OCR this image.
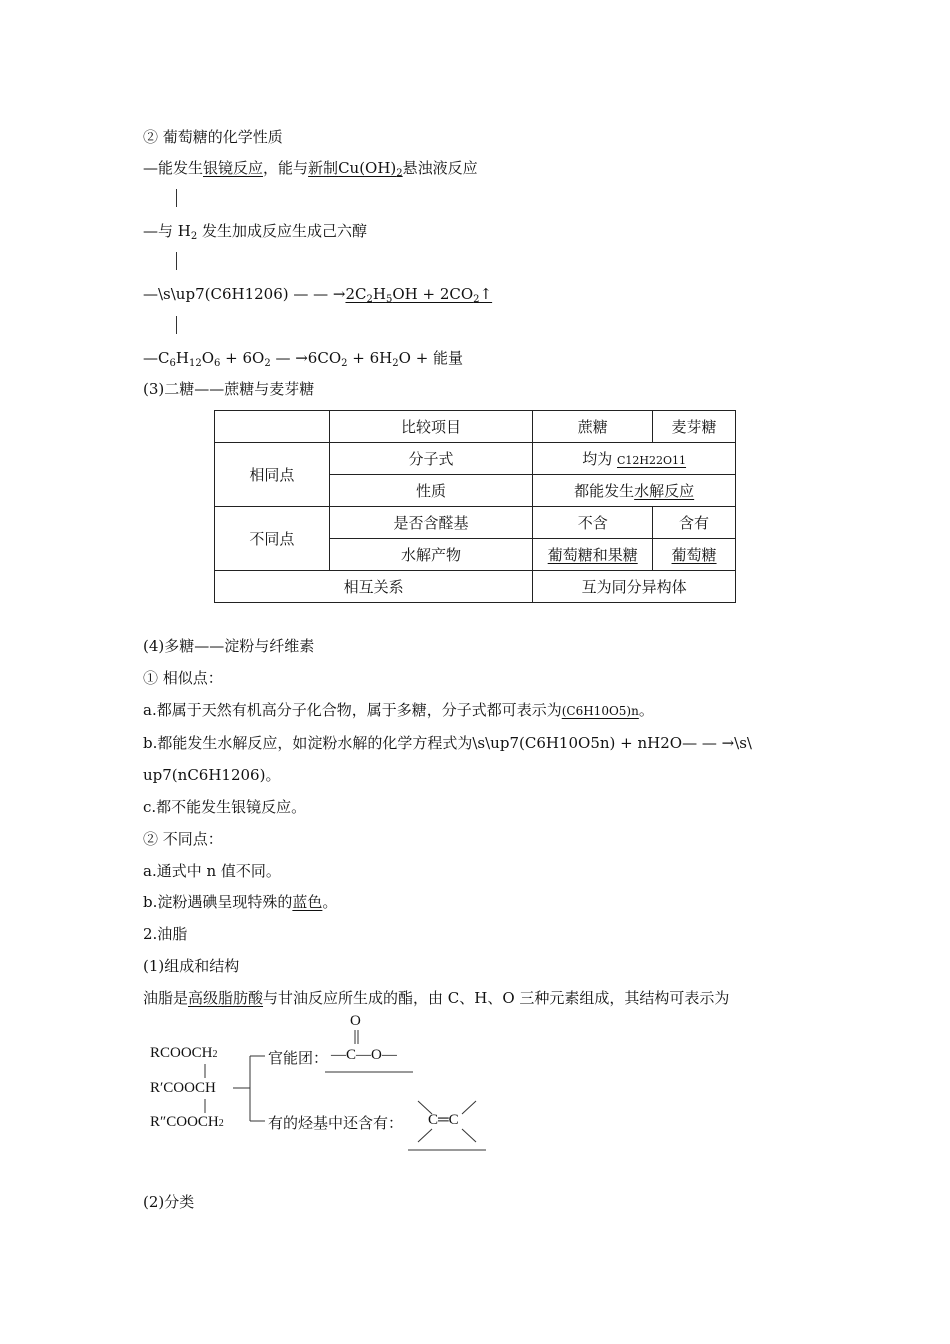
② 葡萄糖的化学性质
—能发生银镜反应，能与新制$Cu(OH)_2$悬浊液反应
—与 $H_2$ 发生加成反应生成己六醇
—\s\up7(C6H1206) — — $\to 2C_2H_5OH$ + $2CO_2↑$
$—C_6H_{12}O_6 + 6O_2$ — $\to 6CO_2 + 6H_2O$ + 能量
(3)二糖——蔗糖与麦芽糖
	比较项目	蔗糖	麦芽糖
相同点	分子式	均为 C12H22O11	
	性质	都能发生水解反应	
不同点	是否含醛基	不含	含有
	水解产物	葡萄糖和果糖	葡萄糖
相互关系		互为同分异构体	
(4)多糖——淀粉与纤维素
① 相似点：
a.都属于天然有机高分子化合物，属于多糖，分子式都可表示为(C6H10O5)n。
b.都能发生水解反应，如淀粉水解的化学方程式为\s\up7(C6H10O5n) + nH2O— — →\s\
up7(nC6H1206)。
c.都不能发生银镜反应。
② 不同点：
a.通式中 n 值不同。
b.淀粉遇碘呈现特殊的蓝色。
2.油脂
(1)组成和结构
油脂是高级脂肪酸与甘油反应所生成的酯，由 C、H、O 三种元素组成，其结构可表示为
RCOOCH2
R′COOCH
R″COOCH2
官能团：
O
—C—O—
有的烃基中还含有： C═C
(2)分类
